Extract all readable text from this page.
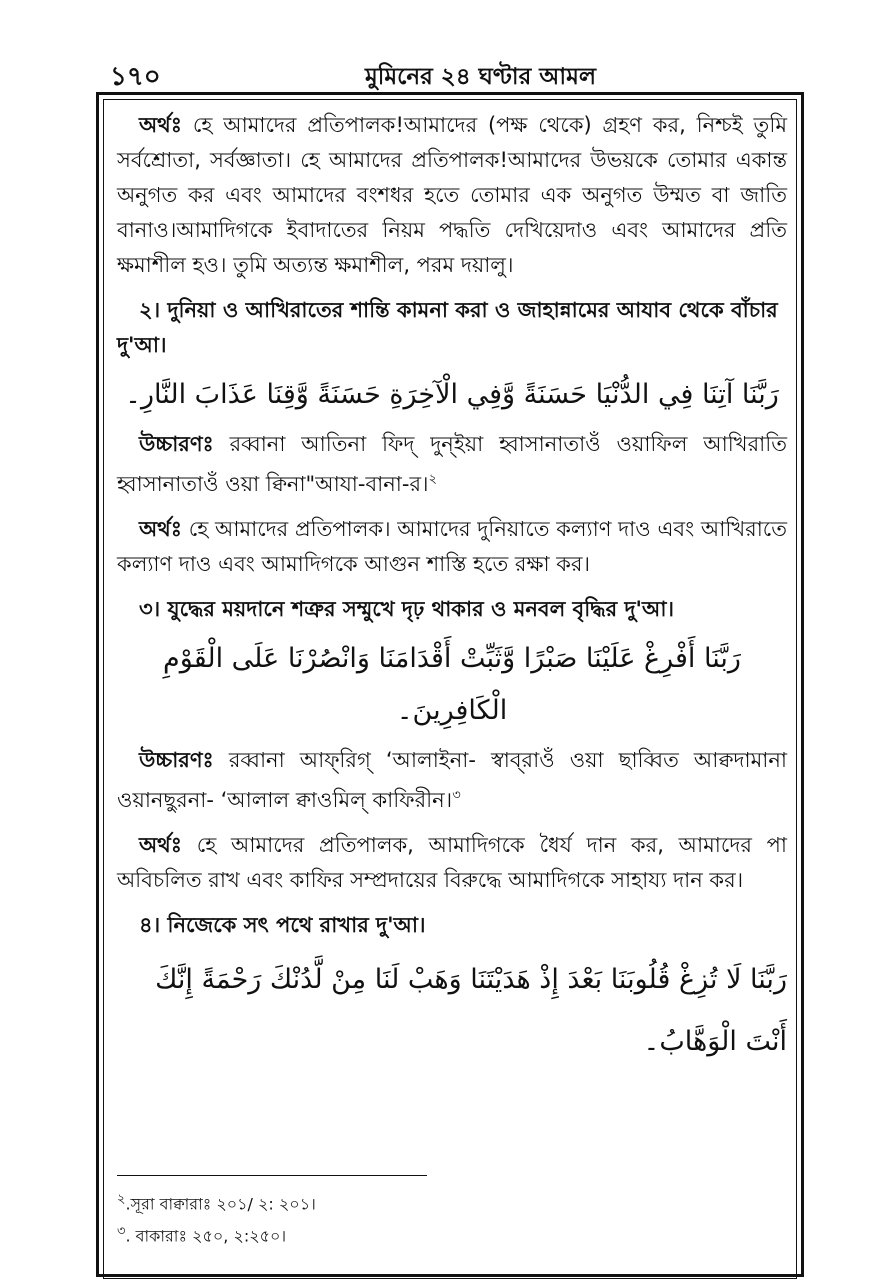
১৭০	মুমিনের ২৪ ঘণ্টার আমল

অর্থঃ হে আমাদের প্রতিপালক!আমাদের (পক্ষ থেকে) গ্রহণ কর, নিশ্চই তুমি সর্বশ্রোতা, সর্বজ্ঞাতা। হে আমাদের প্রতিপালক!আমাদের উভয়কে তোমার একান্ত অনুগত কর এবং আমাদের বংশধর হতে তোমার এক অনুগত উম্মত বা জাতি বানাও।আমাদিগকে ইবাদাতের নিয়ম পদ্ধতি দেখিয়েদাও এবং আমাদের প্রতি ক্ষমাশীল হও। তুমি অত্যন্ত ক্ষমাশীল, পরম দয়ালু।

২। দুনিয়া ও আখিরাতের শান্তি কামনা করা ও জাহান্নামের আযাব থেকে বাঁচার দু'আ।

رَبَّنَا آتِنَا فِي الدُّنْيَا حَسَنَةً وَّفِي الْآخِرَةِ حَسَنَةً وَّقِنَا عَذَابَ النَّارِ۔

উচ্চারণঃ রব্বানা আতিনা ফিদ্ দুন্ইয়া হ্বাসানাতাওঁ ওয়াফিল আখিরাতি হ্বাসানাতাওঁ ওয়া ক্বিনা"আযা-বানা-র।$^২$

অর্থঃ হে আমাদের প্রতিপালক। আমাদের দুনিয়াতে কল্যাণ দাও এবং আখিরাতে কল্যাণ দাও এবং আমাদিগকে আগুন শাস্তি হতে রক্ষা কর।

৩। যুদ্ধের ময়দানে শত্রুর সম্মুখে দৃঢ় থাকার ও মনবল বৃদ্ধির দু'আ।

رَبَّنَا أَفْرِغْ عَلَيْنَا صَبْرًا وَّثَبِّتْ أَقْدَامَنَا وَانْصُرْنَا عَلَى الْقَوْمِ الْكَافِرِينَ۔

উচ্চারণঃ রব্বানা আফ্‌রিগ্ ‘আলাইনা- স্বাব্‌রাওঁ ওয়া ছাব্বিত আক্বদামানা ওয়ানছুরনা- ‘আলাল ক্বাওমিল্ কাফিরীন।$^৩$

অর্থঃ হে আমাদের প্রতিপালক, আমাদিগকে ধৈর্য দান কর, আমাদের পা অবিচলিত রাখ এবং কাফির সম্প্রদায়ের বিরুদ্ধে আমাদিগকে সাহায্য দান কর।

৪। নিজেকে সৎ পথে রাখার দু'আ।

رَبَّنَا لَا تُزِغْ قُلُوبَنَا بَعْدَ إِذْ هَدَيْتَنَا وَهَبْ لَنَا مِنْ لَّدُنْكَ رَحْمَةً إِنَّكَ أَنْتَ الْوَهَّابُ۔

$^২$.সূরা বাক্বারাঃ ২০১/ ২: ২০১।
$^৩$. বাকারাঃ ২৫০, ২:২৫০।
